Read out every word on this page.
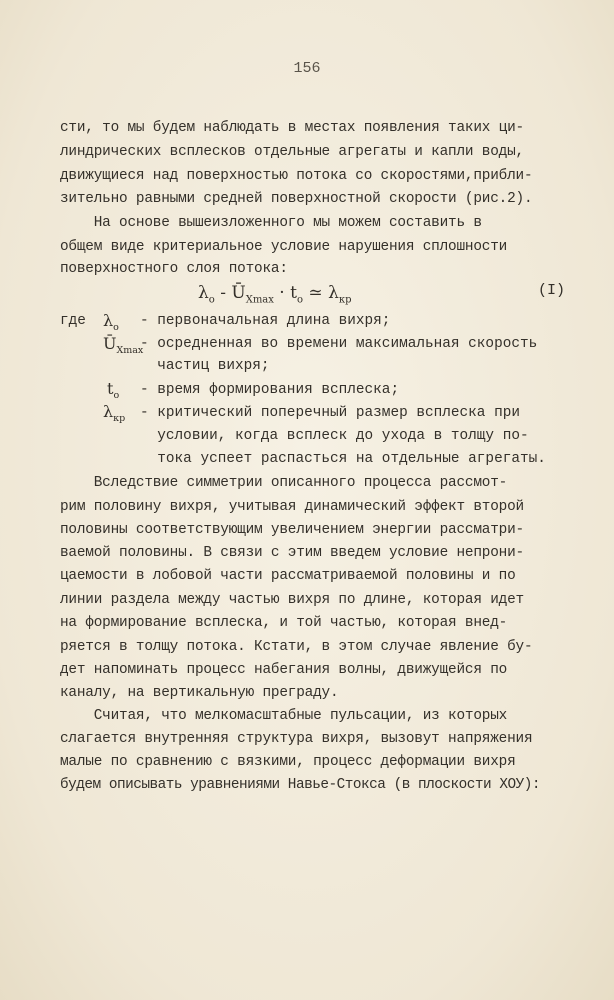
156
сти, то мы будем наблюдать в местах появления таких ци-
линдрических всплесков отдельные агрегаты и капли воды,
движущиеся над поверхностью потока со скоростями,прибли-
зительно равными средней поверхностной скорости (рис.2).
На основе вышеизложенного мы можем составить в
общем виде критериальное условие нарушения сплошности
поверхностного слоя потока:
$\lambda_o$ - $Ū_{Xmax} \cdot t_o$ ≃ $\lambda_{кр}$
(I)
где $\lambda_o$ - первоначальная длина вихря;
$Ū_{Xmax}$
- осредненная во времени максимальная скорость
частиц вихря;
$t_o$ - время формирования всплеска;
$\lambda_{кр}$ - критический поперечный размер всплеска при
условии, когда всплеск до ухода в толщу по-
тока успеет распасться на отдельные агрегаты.
Вследствие симметрии описанного процесса рассмот-
рим половину вихря, учитывая динамический эффект второй
половины соответствующим увеличением энергии рассматри-
ваемой половины. В связи с этим введем условие непрони-
цаемости в лобовой части рассматриваемой половины и по
линии раздела между частью вихря по длине, которая идет
на формирование всплеска, и той частью, которая внед-
ряется в толщу потока. Кстати, в этом случае явление бу-
дет напоминать процесс набегания волны, движущейся по
каналу, на вертикальную преграду.
Считая, что мелкомасштабные пульсации, из которых
слагается внутренняя структура вихря, вызовут напряжения
малые по сравнению с вязкими, процесс деформации вихря
будем описывать уравнениями Навье-Стокса (в плоскости ХОУ):
